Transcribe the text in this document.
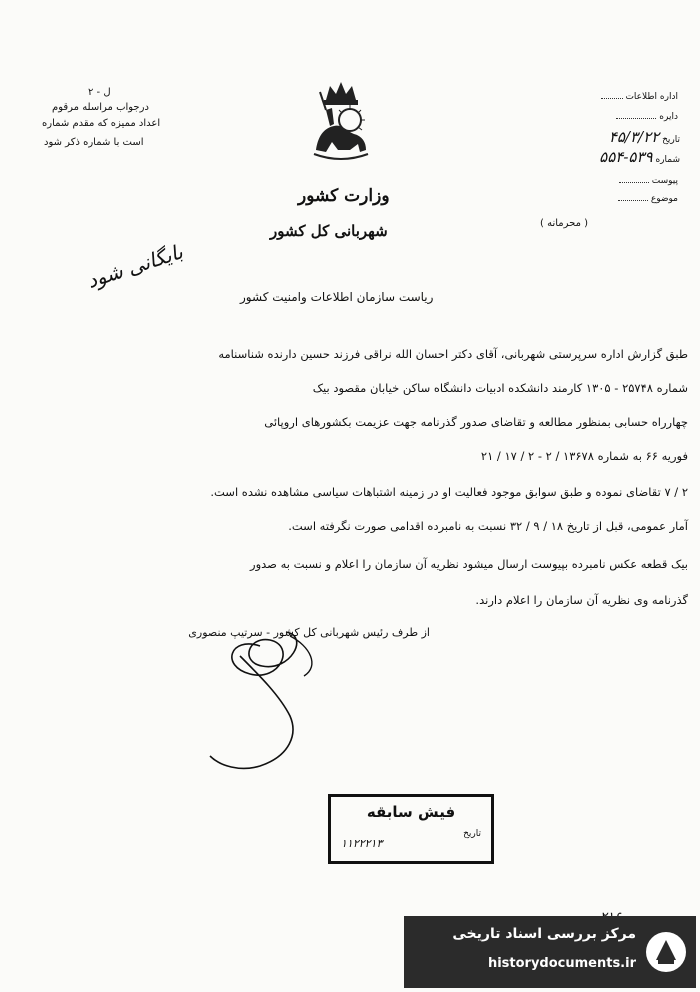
ل - ۲
درجواب مراسله مرقوم
اعداد ممیزه که مقدم شماره
است با شماره ذکر شود
وزارت کشور
شهربانی کل کشور
اداره اطلاعات
دایره
تاریخ ۴۵/۳/۲۲
شماره ۵۳۹-۵۵۴
پیوست
موضوع
( محرمانه )
بایگانی شود
ریاست سازمان اطلاعات وامنیت کشور
طبق گزارش اداره سرپرستی شهربانی، آقای دکتر احسان الله نراقی فرزند حسین دارنده شناسنامه
شماره ۲۵۷۴۸ - ۱۳۰۵ کارمند دانشکده ادبیات دانشگاه ساکن خیابان مقصود بیک
چهارراه حسابی بمنظور مطالعه و تقاضای صدور گذرنامه جهت عزیمت بکشورهای اروپائی
فوریه ۶۶ به شماره ۱۳۶۷۸ / ۲ - ۲ / ۱۷ / ۲۱
۲ / ۷ تقاضای نموده و طبق سوابق موجود فعالیت او در زمینه اشتباهات سیاسی مشاهده نشده است.
آمار عمومی، قبل از تاریخ ۱۸ / ۹ / ۳۲ نسبت به نامبرده اقدامی صورت نگرفته است.
بیک قطعه عکس نامبرده بپیوست ارسال میشود نظریه آن سازمان را اعلام و نسبت به صدور
گذرنامه وی نظریه آن سازمان را اعلام دارند.
از طرف رئیس شهربانی کل کشور - سرتیپ منصوری
فیش سابقه
تاریخ
۱۱۲۲۲۱۳
مرکز بررسی اسناد تاریخی
historydocuments.ir
